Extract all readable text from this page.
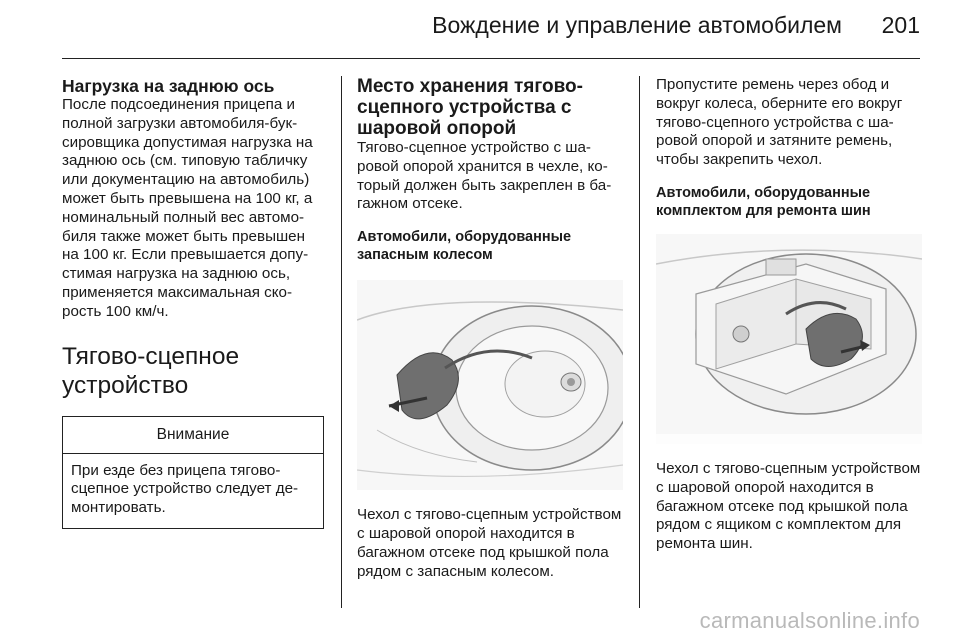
Вождение и управление автомобилем 201
Нагрузка на заднюю ось

После подсоединения прицепа и полной загрузки автомобиля-буксировщика допустимая нагрузка на заднюю ось (см. типовую табличку или документацию на автомобиль) может быть превышена на 100 кг, а номинальный полный вес автомобиля также может быть превышен на 100 кг. Если превышается допустимая нагрузка на заднюю ось, применяется максимальная скорость 100 км/ч.

Тягово-сцепное
устройство
Внимание

При езде без прицепа тягово-сцепное устройство следует демонтировать.

Место хранения тягово-
сцепного устройства с
шаровой опорой

Тягово-сцепное устройство с шаровой опорой хранится в чехле, который должен быть закреплен в багажном отсеке.

Автомобили, оборудованные запасным колесом

Чехол с тягово-сцепным устройством с шаровой опорой находится в багажном отсеке под крышкой пола рядом с запасным колесом.

Пропустите ремень через обод и вокруг колеса, оберните его вокруг тягово-сцепного устройства с шаровой опорой и затяните ремень, чтобы закрепить чехол.

Автомобили, оборудованные комплектом для ремонта шин

Чехол с тягово-сцепным устройством с шаровой опорой находится в багажном отсеке под крышкой пола рядом с ящиком с комплектом для ремонта шин.

carmanualsonline.info
